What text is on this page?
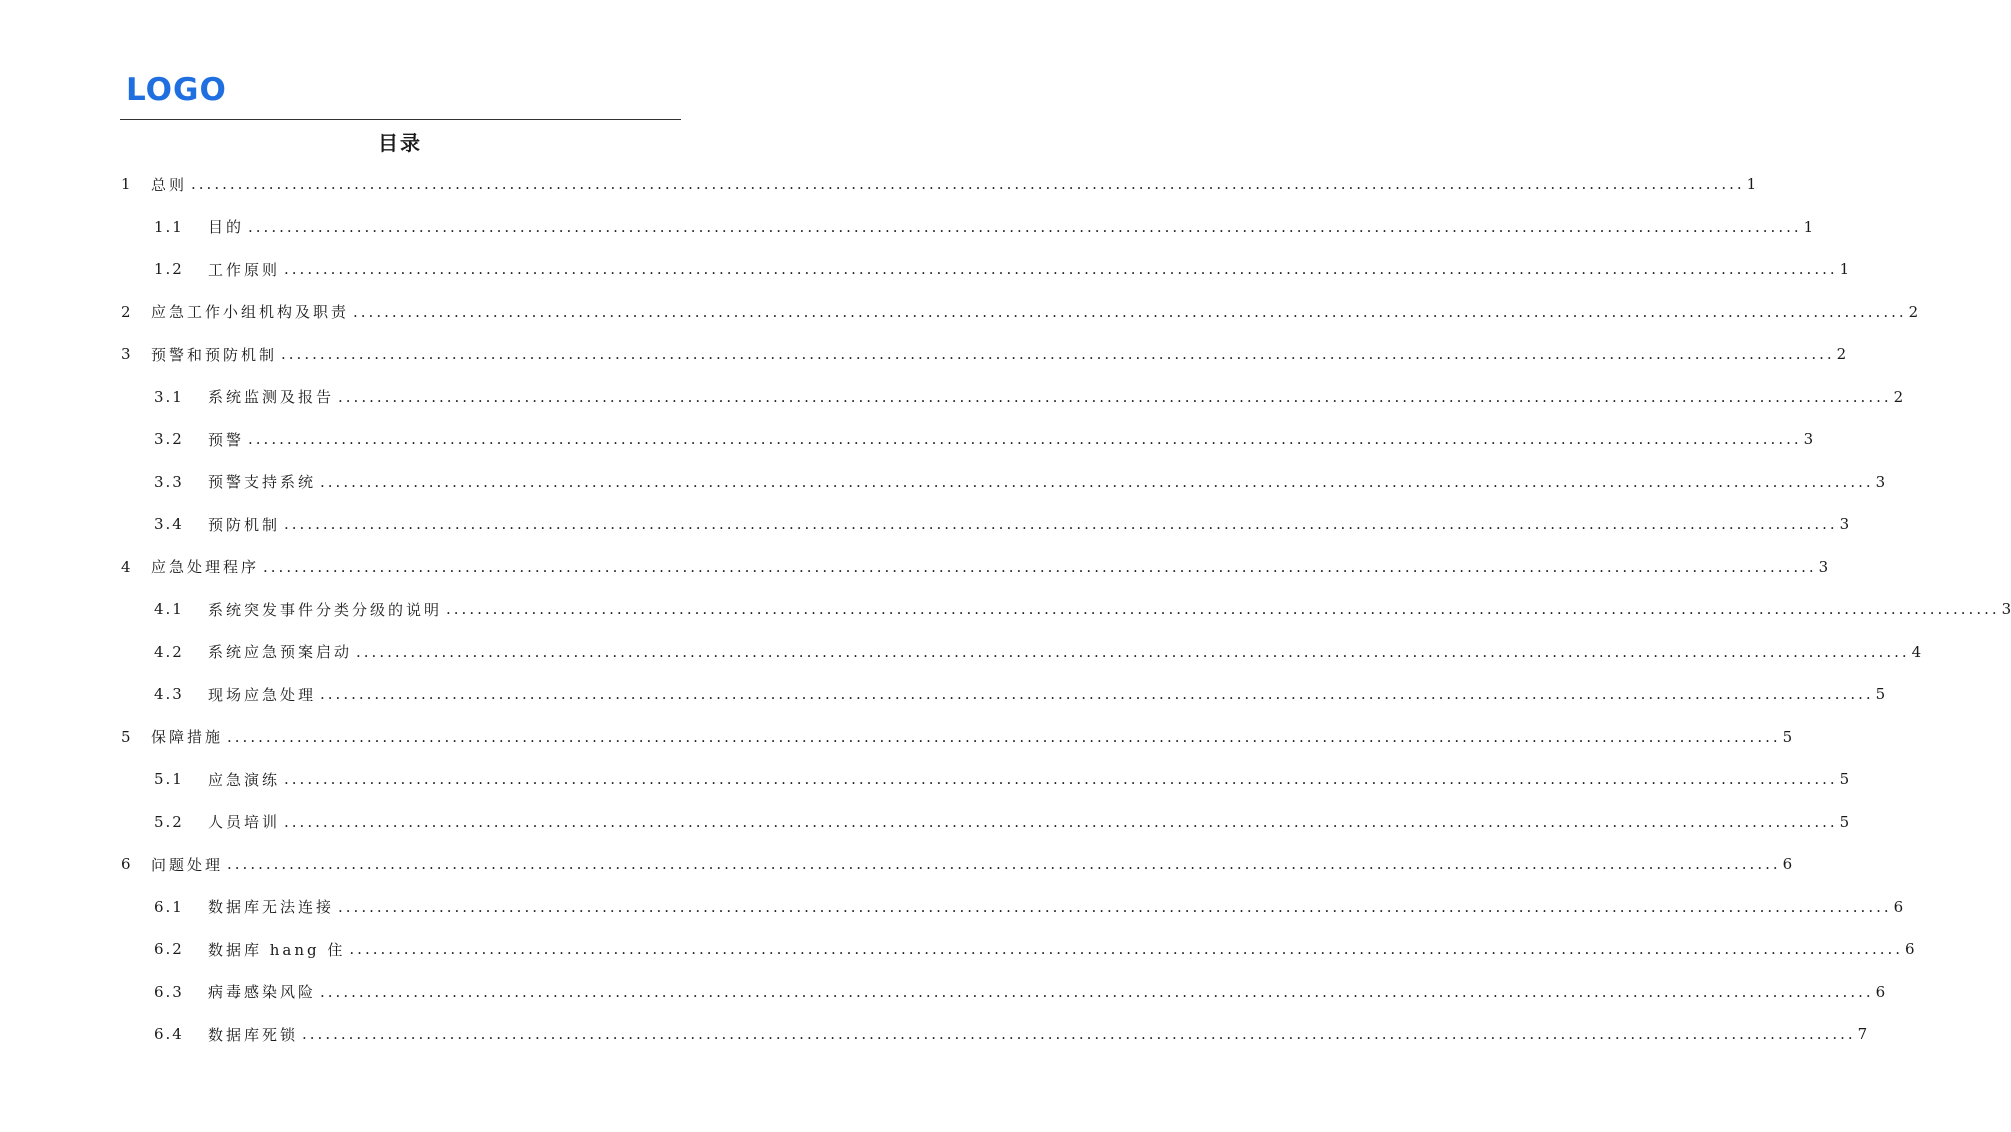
LOGO
目录
1 总则 ........................................................................................................................................................................................................ 1
1.1 目的 ........................................................................................................................................................................................................ 1
1.2 工作原则 ........................................................................................................................................................................................................ 1
2 应急工作小组机构及职责 ........................................................................................................................................................................................................ 2
3 预警和预防机制 ........................................................................................................................................................................................................ 2
3.1 系统监测及报告 ........................................................................................................................................................................................................ 2
3.2 预警 ........................................................................................................................................................................................................ 3
3.3 预警支持系统 ........................................................................................................................................................................................................ 3
3.4 预防机制 ........................................................................................................................................................................................................ 3
4 应急处理程序 ........................................................................................................................................................................................................ 3
4.1 系统突发事件分类分级的说明 ........................................................................................................................................................................................................ 3
4.2 系统应急预案启动 ........................................................................................................................................................................................................ 4
4.3 现场应急处理 ........................................................................................................................................................................................................ 5
5 保障措施 ........................................................................................................................................................................................................ 5
5.1 应急演练 ........................................................................................................................................................................................................ 5
5.2 人员培训 ........................................................................................................................................................................................................ 5
6 问题处理 ........................................................................................................................................................................................................ 6
6.1 数据库无法连接 ........................................................................................................................................................................................................ 6
6.2 数据库 hang 住 ........................................................................................................................................................................................................ 6
6.3 病毒感染风险 ........................................................................................................................................................................................................ 6
6.4 数据库死锁 ........................................................................................................................................................................................................ 7
